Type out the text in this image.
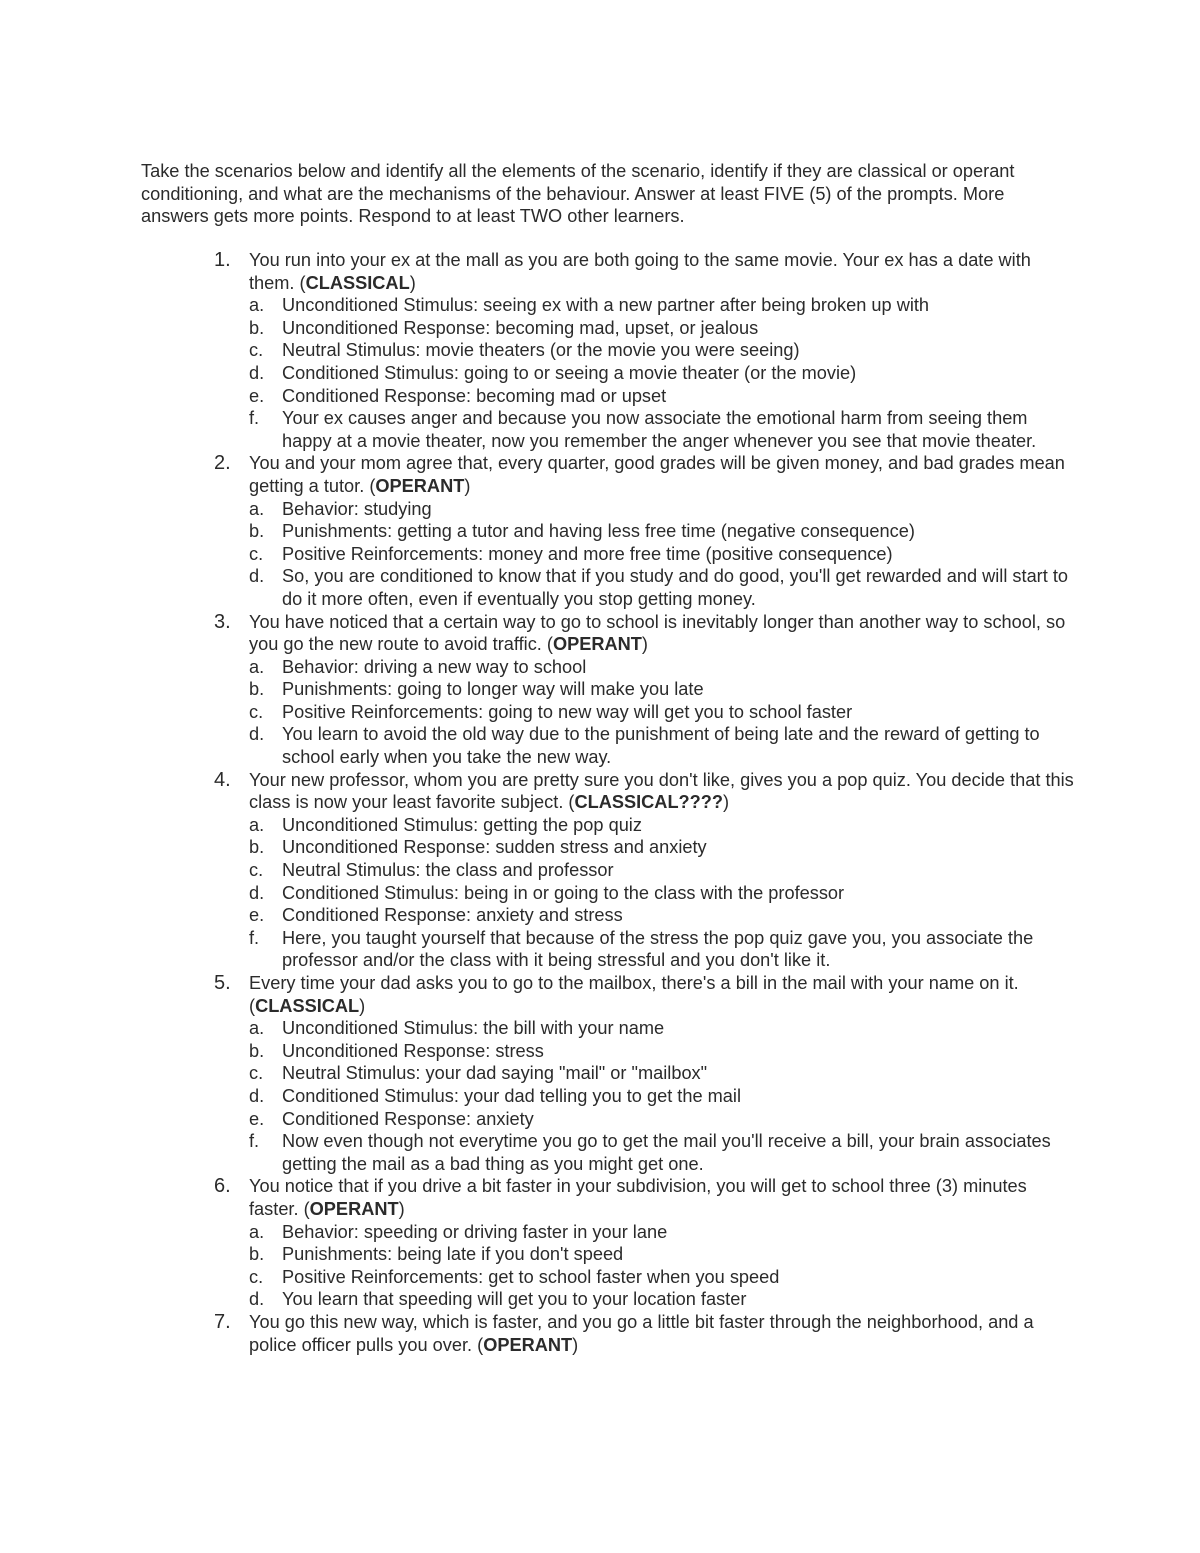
Take the scenarios below and identify all the elements of the scenario, identify if they are classical or operant conditioning, and what are the mechanisms of the behaviour. Answer at least FIVE (5) of the prompts. More answers gets more points. Respond to at least TWO other learners.

1. You run into your ex at the mall as you are both going to the same movie. Your ex has a date with them. (CLASSICAL)
a. Unconditioned Stimulus: seeing ex with a new partner after being broken up with
b. Unconditioned Response: becoming mad, upset, or jealous
c. Neutral Stimulus: movie theaters (or the movie you were seeing)
d. Conditioned Stimulus: going to or seeing a movie theater (or the movie)
e. Conditioned Response: becoming mad or upset
f. Your ex causes anger and because you now associate the emotional harm from seeing them happy at a movie theater, now you remember the anger whenever you see that movie theater.
2. You and your mom agree that, every quarter, good grades will be given money, and bad grades mean getting a tutor. (OPERANT)
a. Behavior: studying
b. Punishments: getting a tutor and having less free time (negative consequence)
c. Positive Reinforcements: money and more free time (positive consequence)
d. So, you are conditioned to know that if you study and do good, you'll get rewarded and will start to do it more often, even if eventually you stop getting money.
3. You have noticed that a certain way to go to school is inevitably longer than another way to school, so you go the new route to avoid traffic. (OPERANT)
a. Behavior: driving a new way to school
b. Punishments: going to longer way will make you late
c. Positive Reinforcements: going to new way will get you to school faster
d. You learn to avoid the old way due to the punishment of being late and the reward of getting to school early when you take the new way.
4. Your new professor, whom you are pretty sure you don't like, gives you a pop quiz. You decide that this class is now your least favorite subject. (CLASSICAL????)
a. Unconditioned Stimulus: getting the pop quiz
b. Unconditioned Response: sudden stress and anxiety
c. Neutral Stimulus: the class and professor
d. Conditioned Stimulus: being in or going to the class with the professor
e. Conditioned Response: anxiety and stress
f. Here, you taught yourself that because of the stress the pop quiz gave you, you associate the professor and/or the class with it being stressful and you don't like it.
5. Every time your dad asks you to go to the mailbox, there's a bill in the mail with your name on it. (CLASSICAL)
a. Unconditioned Stimulus: the bill with your name
b. Unconditioned Response: stress
c. Neutral Stimulus: your dad saying "mail" or "mailbox"
d. Conditioned Stimulus: your dad telling you to get the mail
e. Conditioned Response: anxiety
f. Now even though not everytime you go to get the mail you'll receive a bill, your brain associates getting the mail as a bad thing as you might get one.
6. You notice that if you drive a bit faster in your subdivision, you will get to school three (3) minutes faster. (OPERANT)
a. Behavior: speeding or driving faster in your lane
b. Punishments: being late if you don't speed
c. Positive Reinforcements: get to school faster when you speed
d. You learn that speeding will get you to your location faster
7. You go this new way, which is faster, and you go a little bit faster through the neighborhood, and a police officer pulls you over. (OPERANT)
